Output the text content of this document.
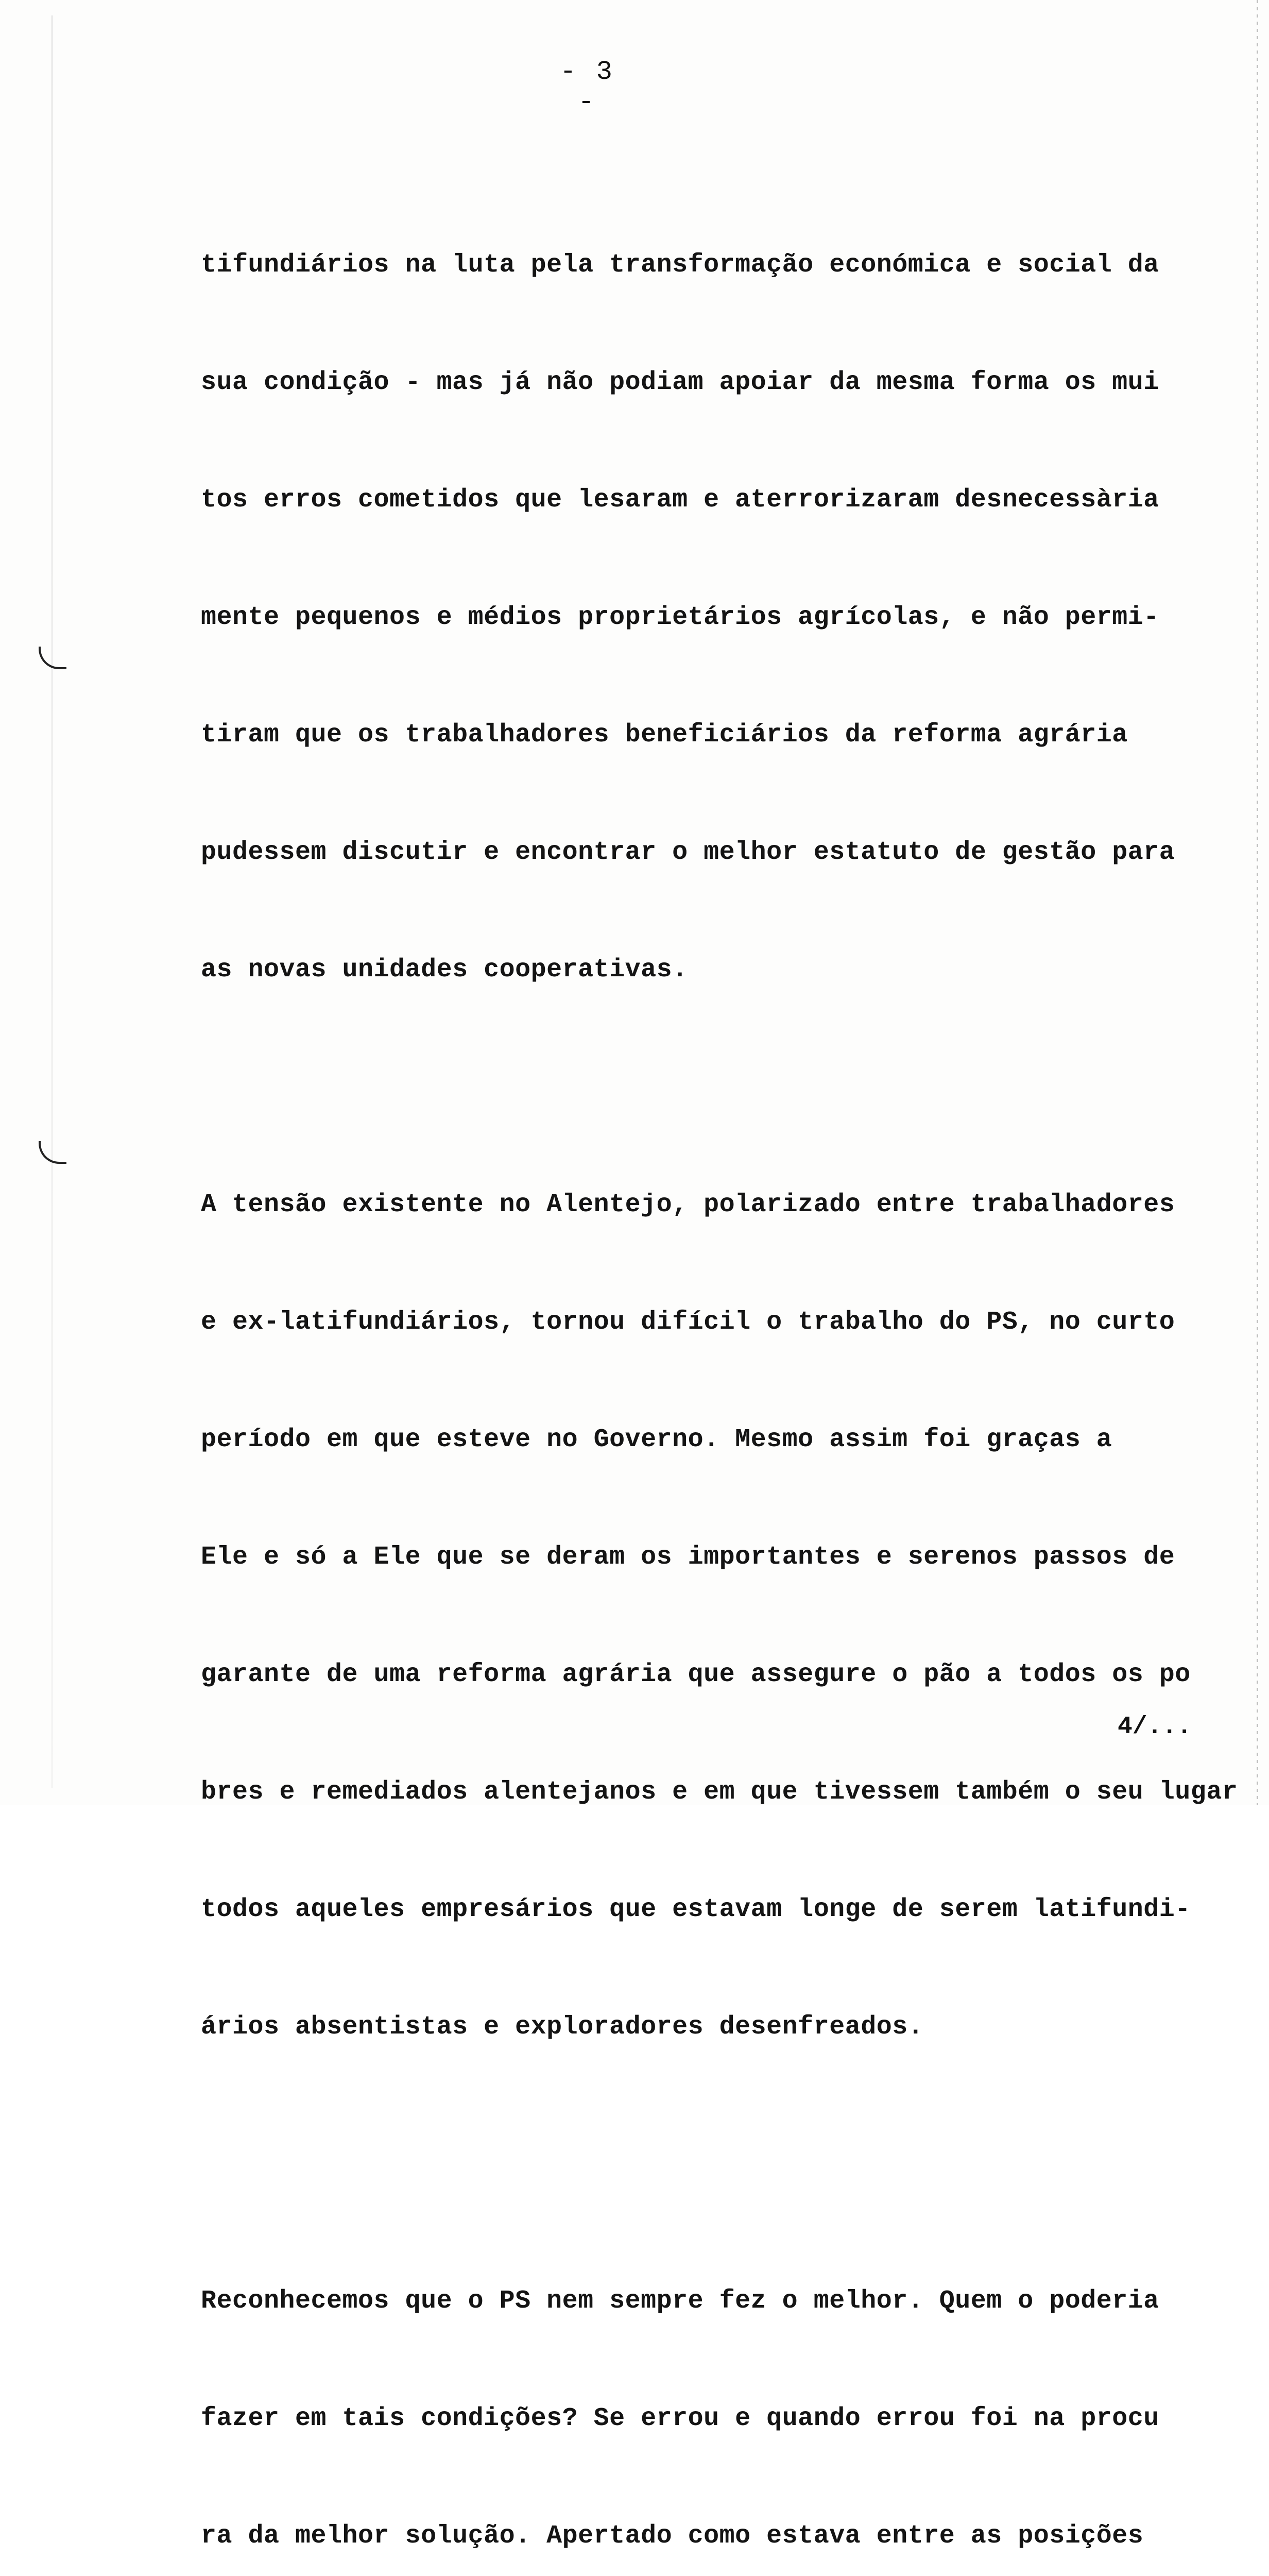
- 3 -

tifundiários na luta pela transformação económica e social da

sua condição - mas já não podiam apoiar da mesma forma os mui

tos erros cometidos que lesaram e aterrorizaram desnecessària

mente pequenos e médios proprietários agrícolas, e não permi-

tiram que os trabalhadores beneficiários da reforma agrária

pudessem discutir e encontrar o melhor estatuto de gestão para

as novas unidades cooperativas.

A tensão existente no Alentejo, polarizado entre trabalhadores

e ex-latifundiários, tornou difícil o trabalho do PS, no curto

período em que esteve no Governo. Mesmo assim foi graças a

Ele e só a Ele que se deram os importantes e serenos passos de

garante de uma reforma agrária que assegure o pão a todos os po

bres e remediados alentejanos e em que tivessem também o seu lugar

todos aqueles empresários que estavam longe de serem latifundi-

ários absentistas e exploradores desenfreados.

Reconhecemos que o PS nem sempre fez o melhor. Quem o poderia

fazer em tais condições? Se errou e quando errou foi na procu

ra da melhor solução. Apertado como estava entre as posições

4/...
